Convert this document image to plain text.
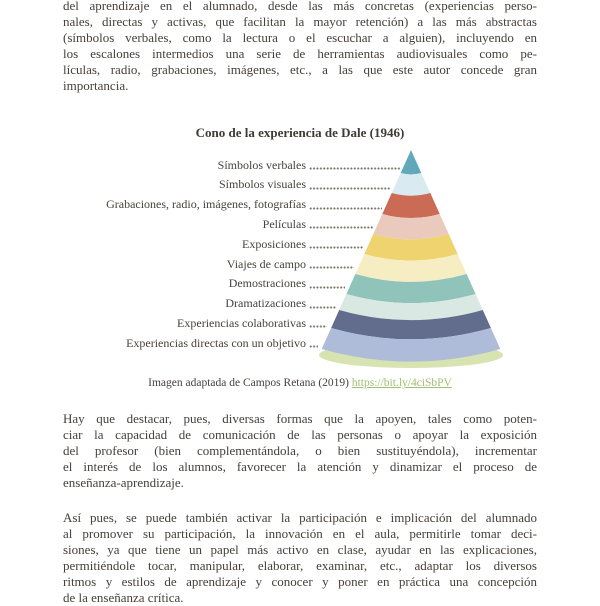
del aprendizaje en el alumnado, desde las más concretas (experiencias perso-
nales, directas y activas, que facilitan la mayor retención) a las más abstractas
(símbolos verbales, como la lectura o el escuchar a alguien), incluyendo en
los escalones intermedios una serie de herramientas audiovisuales como pe-
lículas, radio, grabaciones, imágenes, etc., a las que este autor concede gran
importancia.
Cono de la experiencia de Dale (1946)
Símbolos verbales
Símbolos visuales
Grabaciones, radio, imágenes, fotografías
Películas
Exposiciones
Viajes de campo
Demostraciones
Dramatizaciones
Experiencias colaborativas
Experiencias directas con un objetivo
Imagen adaptada de Campos Retana (2019) https://bit.ly/4ciSbPV
Hay que destacar, pues, diversas formas que la apoyen, tales como poten-
ciar la capacidad de comunicación de las personas o apoyar la exposición
del profesor (bien complementándola, o bien sustituyéndola), incrementar
el interés de los alumnos, favorecer la atención y dinamizar el proceso de
enseñanza-aprendizaje.
Así pues, se puede también activar la participación e implicación del alumnado
al promover su participación, la innovación en el aula, permitirle tomar deci-
siones, ya que tiene un papel más activo en clase, ayudar en las explicaciones,
permitiéndole tocar, manipular, elaborar, examinar, etc., adaptar los diversos
ritmos y estilos de aprendizaje y conocer y poner en práctica una concepción
de la enseñanza crítica.
